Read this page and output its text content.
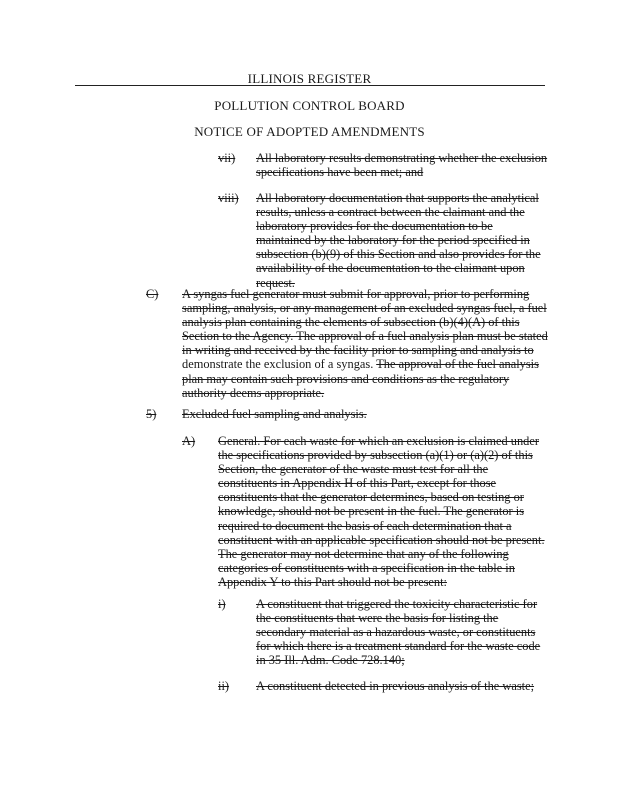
ILLINOIS REGISTER
POLLUTION CONTROL BOARD
NOTICE OF ADOPTED AMENDMENTS
vii) All laboratory results demonstrating whether the exclusion specifications have been met; and
viii) All laboratory documentation that supports the analytical results, unless a contract between the claimant and the laboratory provides for the documentation to be maintained by the laboratory for the period specified in subsection (b)(9) of this Section and also provides for the availability of the documentation to the claimant upon request.
C) A syngas fuel generator must submit for approval, prior to performing sampling, analysis, or any management of an excluded syngas fuel, a fuel analysis plan containing the elements of subsection (b)(4)(A) of this Section to the Agency. The approval of a fuel analysis plan must be stated in writing and received by the facility prior to sampling and analysis to demonstrate the exclusion of a syngas. The approval of the fuel analysis plan may contain such provisions and conditions as the regulatory authority deems appropriate.
5) Excluded fuel sampling and analysis.
A) General. For each waste for which an exclusion is claimed under the specifications provided by subsection (a)(1) or (a)(2) of this Section, the generator of the waste must test for all the constituents in Appendix H of this Part, except for those constituents that the generator determines, based on testing or knowledge, should not be present in the fuel. The generator is required to document the basis of each determination that a constituent with an applicable specification should not be present. The generator may not determine that any of the following categories of constituents with a specification in the table in Appendix Y to this Part should not be present:
i) A constituent that triggered the toxicity characteristic for the constituents that were the basis for listing the secondary material as a hazardous waste, or constituents for which there is a treatment standard for the waste code in 35 Ill. Adm. Code 728.140;
ii) A constituent detected in previous analysis of the waste;
